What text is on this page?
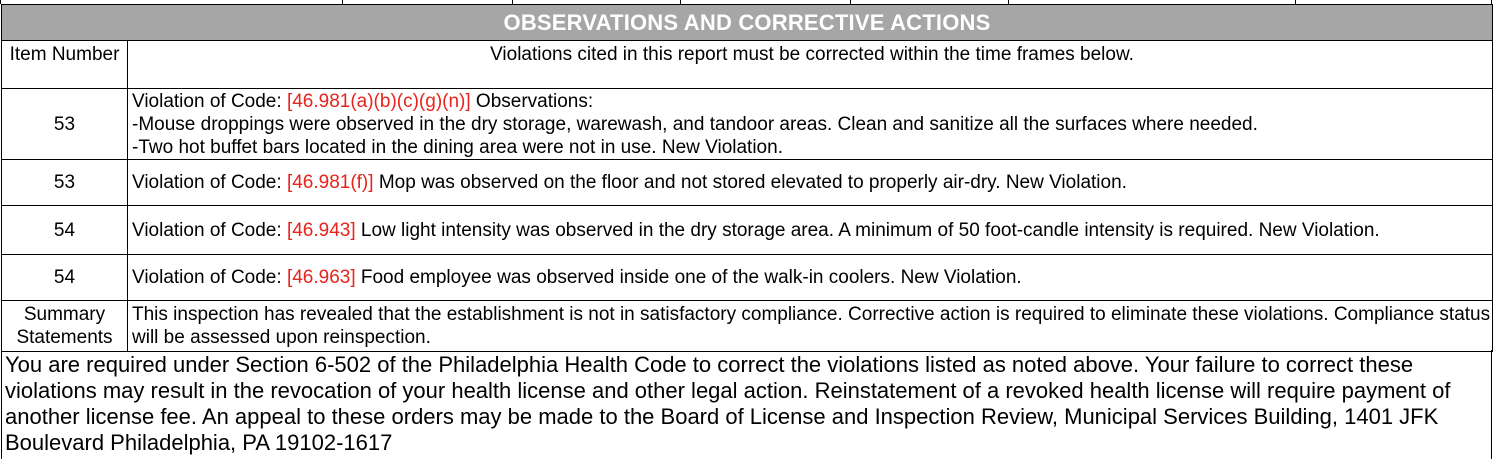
OBSERVATIONS AND CORRECTIVE ACTIONS	
Item Number	Violations cited in this report must be corrected within the time frames below.
53	Violation of Code: [46.981(a)(b)(c)(g)(n)] Observations:
-Mouse droppings were observed in the dry storage, warewash, and tandoor areas. Clean and sanitize all the surfaces where needed.
-Two hot buffet bars located in the dining area were not in use. New Violation.
53	Violation of Code: [46.981(f)] Mop was observed on the floor and not stored elevated to properly air-dry. New Violation.
54	Violation of Code: [46.943] Low light intensity was observed in the dry storage area. A minimum of 50 foot-candle intensity is required. New Violation.
54	Violation of Code: [46.963] Food employee was observed inside one of the walk-in coolers. New Violation.
Summary Statements	This inspection has revealed that the establishment is not in satisfactory compliance. Corrective action is required to eliminate these violations. Compliance status will be assessed upon reinspection.

You are required under Section 6-502 of the Philadelphia Health Code to correct the violations listed as noted above. Your failure to correct these violations may result in the revocation of your health license and other legal action. Reinstatement of a revoked health license will require payment of another license fee. An appeal to these orders may be made to the Board of License and Inspection Review, Municipal Services Building, 1401 JFK Boulevard Philadelphia, PA 19102-1617
